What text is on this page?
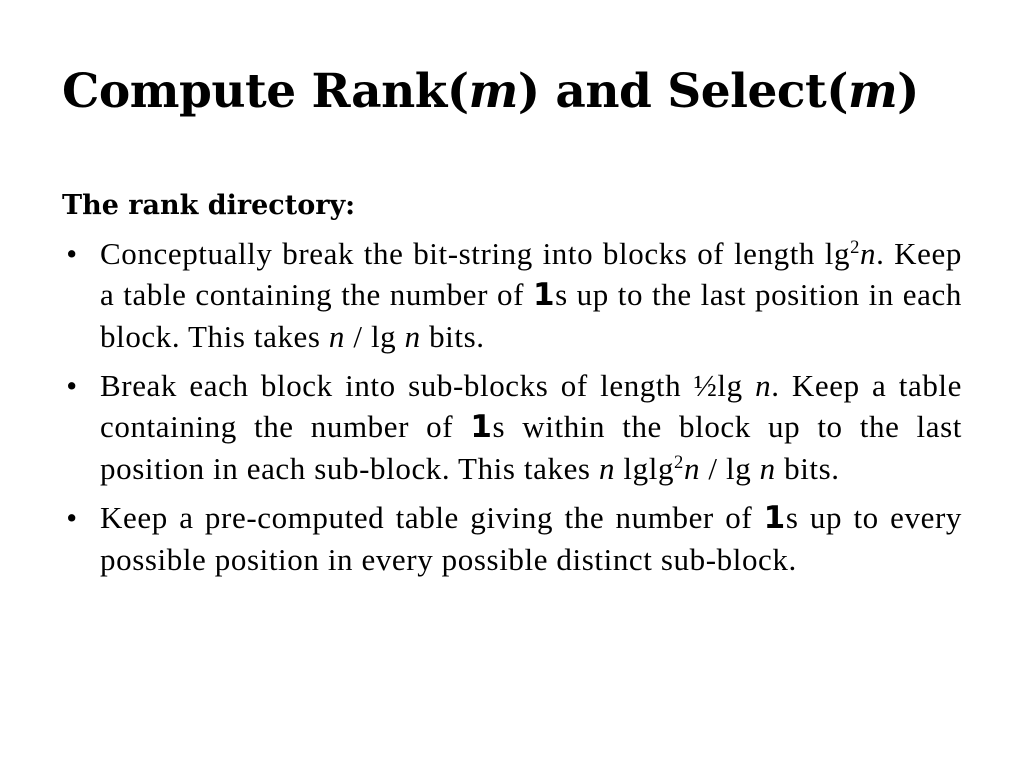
Compute Rank(m) and Select(m)
The rank directory:
• Conceptually break the bit-string into blocks of length $\lg^2n$. Keep a table containing the number of 1s up to the last position in each block. This takes n / lg n bits.
• Break each block into sub-blocks of length ½lg n. Keep a table containing the number of 1s within the block up to the last position in each sub-block. This takes n lglg$^2$n / lg n bits.
• Keep a pre-computed table giving the number of 1s up to every possible position in every possible distinct sub-block.
